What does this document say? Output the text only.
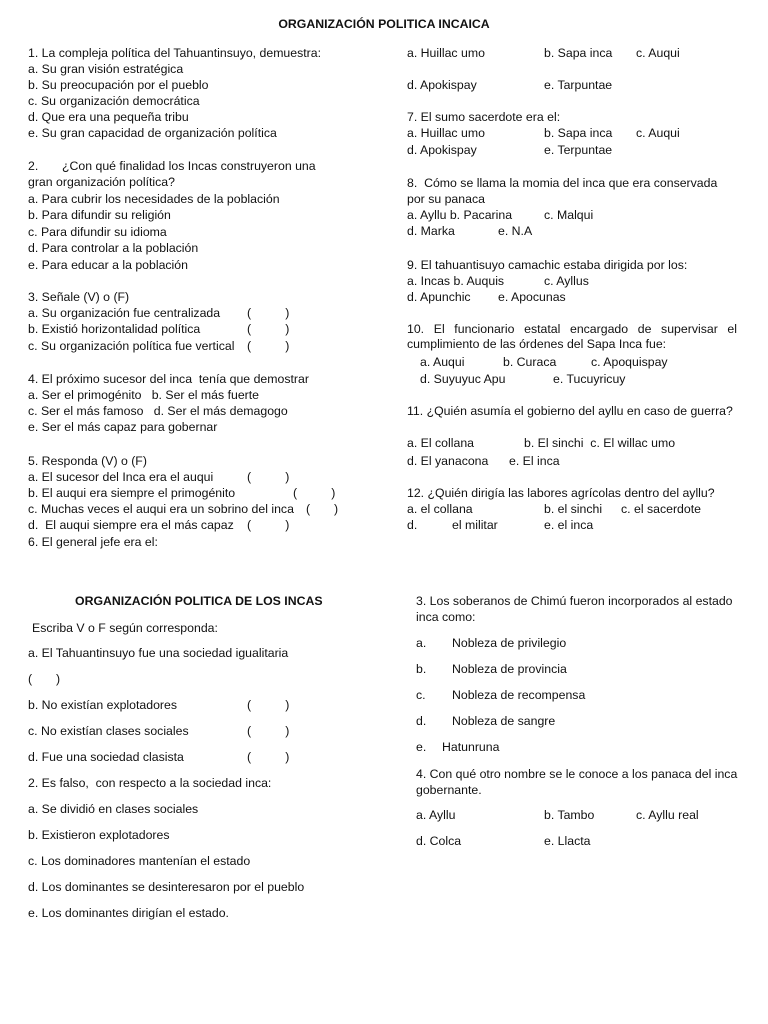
ORGANIZACIÓN POLITICA INCAICA
1. La compleja política del Tahuantinsuyo, demuestra:
a. Su gran visión estratégica
b. Su preocupación por el pueblo
c. Su organización democrática
d. Que era una pequeña tribu
e. Su gran capacidad de organización política
2. ¿Con qué finalidad los Incas construyeron una
gran organización política?
a. Para cubrir los necesidades de la población
b. Para difundir su religión
c. Para difundir su idioma
d. Para controlar a la población
e. Para educar a la población
3. Señale (V) o (F)
a. Su organización fue centralizada (          )
b. Existió horizontalidad política	(          )
c. Su organización política fue vertical (          )
4. El próximo sucesor del inca  tenía que demostrar
a. Ser el primogénito   b. Ser el más fuerte
c. Ser el más famoso   d. Ser el más demagogo
e. Ser el más capaz para gobernar
5. Responda (V) o (F)
a. El sucesor del Inca era el auqui	(          )
b. El auqui era siempre el primogénito	(          )
c. Muchas veces el auqui era un sobrino del inca (       )
d.  El auqui siempre era el más capaz (          )
6. El general jefe era el:
a. Huillac umo	b. Sapa inca c. Auqui
d. Apokispay	e. Tarpuntae
7. El sumo sacerdote era el:
a. Huillac umo	b. Sapa inca c. Auqui
d. Apokispay	e. Terpuntae
8.  Cómo se llama la momia del inca que era conservada
por su panaca
a. Ayllu b. Pacarina	c. Malqui
d. Marka	e. N.A
9. El tahuantisuyo camachic estaba dirigida por los:
a. Incas b. Auquis	c. Ayllus
d. Apunchic e. Apocunas
10. El funcionario estatal encargado de supervisar el cumplimiento de las órdenes del Sapa Inca fue:
a. Auqui	b. Curaca	c. Apoquispay
d. Suyuyuc Apu	e. Tucuyricuy
11. ¿Quién asumía el gobierno del ayllu en caso de guerra?
a. El collana	b. El sinchi  c. El willac umo
d. El yanacona e. El inca
12. ¿Quién dirigía las labores agrícolas dentro del ayllu?
a. el collana	b. el sinchi c. el sacerdote
d.	el militar	e. el inca
ORGANIZACIÓN POLITICA DE LOS INCAS
Escriba V o F según corresponda:
a. El Tahuantinsuyo fue una sociedad igualitaria
(       )
b. No existían explotadores	(          )
c. No existían clases sociales	(          )
d. Fue una sociedad clasista	(          )
2. Es falso,  con respecto a la sociedad inca:
a. Se dividió en clases sociales
b. Existieron explotadores
c. Los dominadores mantenían el estado
d. Los dominantes se desinteresaron por el pueblo
e. Los dominantes dirigían el estado.
3. Los soberanos de Chimú fueron incorporados al estado
inca como:
a. Nobleza de privilegio
b. Nobleza de provincia
c. Nobleza de recompensa
d. Nobleza de sangre
e. Hatunruna
4. Con qué otro nombre se le conoce a los panaca del inca
gobernante.
a. Ayllu	b. Tambo	c. Ayllu real
d. Colca	e. Llacta
